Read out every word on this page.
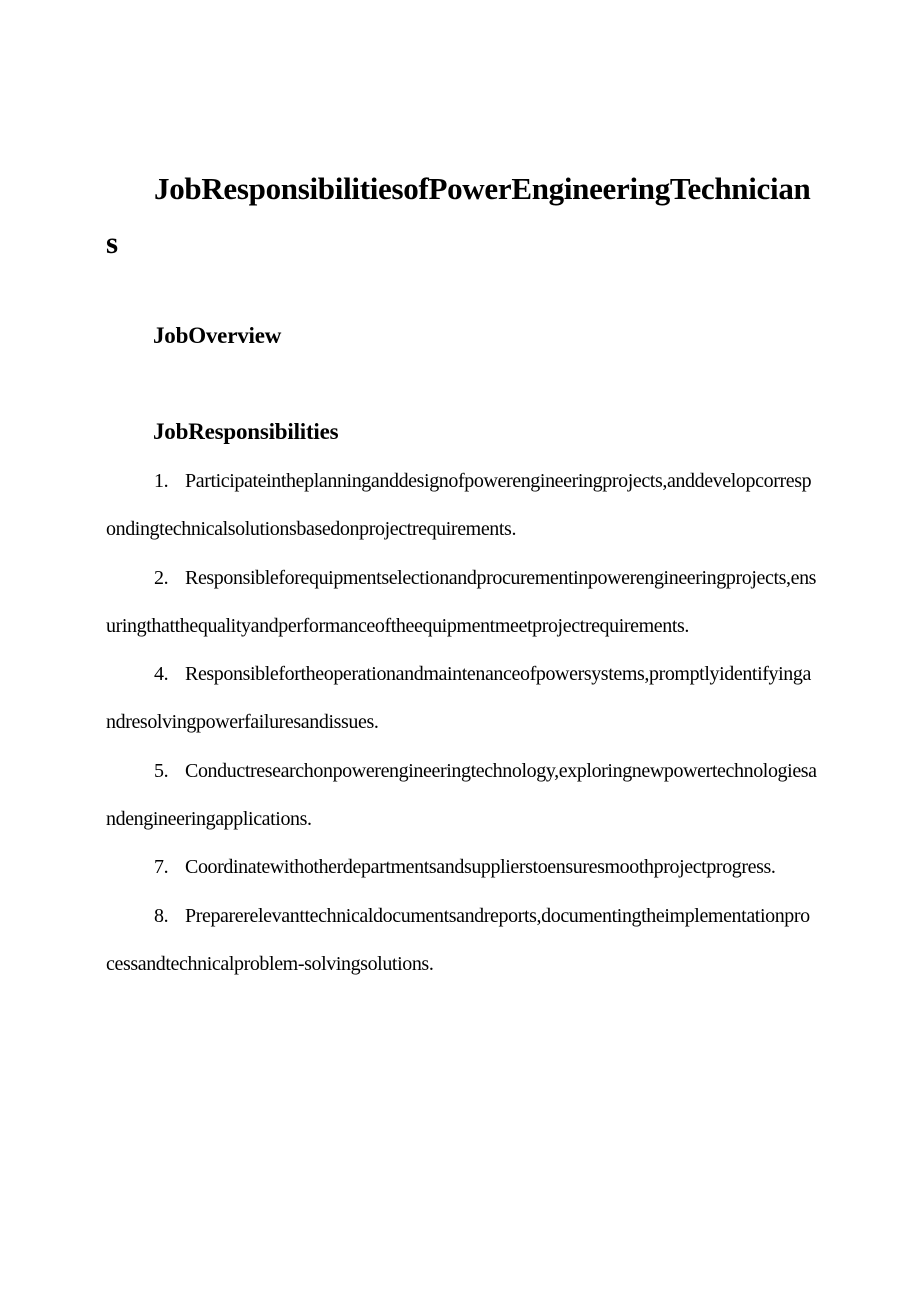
JobResponsibilitiesofPowerEngineeringTechnicians
JobOverview
JobResponsibilities
1. Participateintheplanninganddesignofpowerengineeringprojects,anddevelopcorrespondingtechnicalsolutionsbasedonprojectrequirements.
2. Responsibleforequipmentselectionandprocurementinpowerengineeringprojects,ensuringthatthequalityandperformanceoftheequipmentmeetprojectrequirements.
4. Responsiblefortheoperationandmaintenanceofpowersystems,promptlyidentifyingandresolvingpowerfailuresandissues.
5. Conductresearchonpowerengineeringtechnology,exploringnewpowertechnologiesandengineeringapplications.
7. Coordinatewithotherdepartmentsandsupplierstoensuresmoothprojectprogress.
8. Preparerelevanttechnicaldocumentsandreports,documentingtheimplementationprocessandtechnicalproblem-solvingsolutions.
